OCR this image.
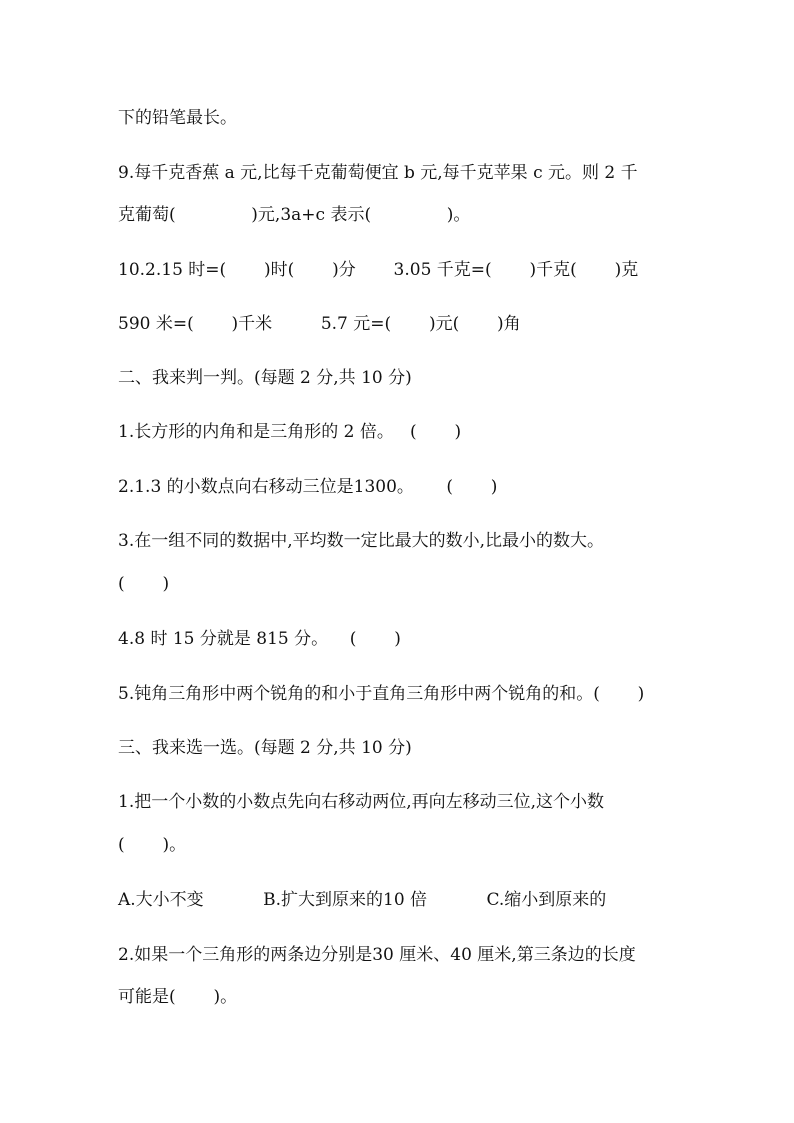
下的铅笔最长。

9.每千克香蕉 a 元,比每千克葡萄便宜 b 元,每千克苹果 c 元。则 2 千

克葡萄(              )元,3a+c 表示(              )。

10.2.15 时=(       )时(       )分       3.05 千克=(       )千克(       )克

590 米=(       )千米         5.7 元=(       )元(       )角

二、我来判一判。(每题 2 分,共 10 分)

1.长方形的内角和是三角形的 2 倍。   (       )

2.1.3 的小数点向右移动三位是1300。      (       )

3.在一组不同的数据中,平均数一定比最大的数小,比最小的数大。

(       )

4.8 时 15 分就是 815 分。    (       )

5.钝角三角形中两个锐角的和小于直角三角形中两个锐角的和。(       )

三、我来选一选。(每题 2 分,共 10 分)

1.把一个小数的小数点先向右移动两位,再向左移动三位,这个小数

(       )。

A.大小不变           B.扩大到原来的10 倍           C.缩小到原来的

2.如果一个三角形的两条边分别是30 厘米、40 厘米,第三条边的长度

可能是(       )。
